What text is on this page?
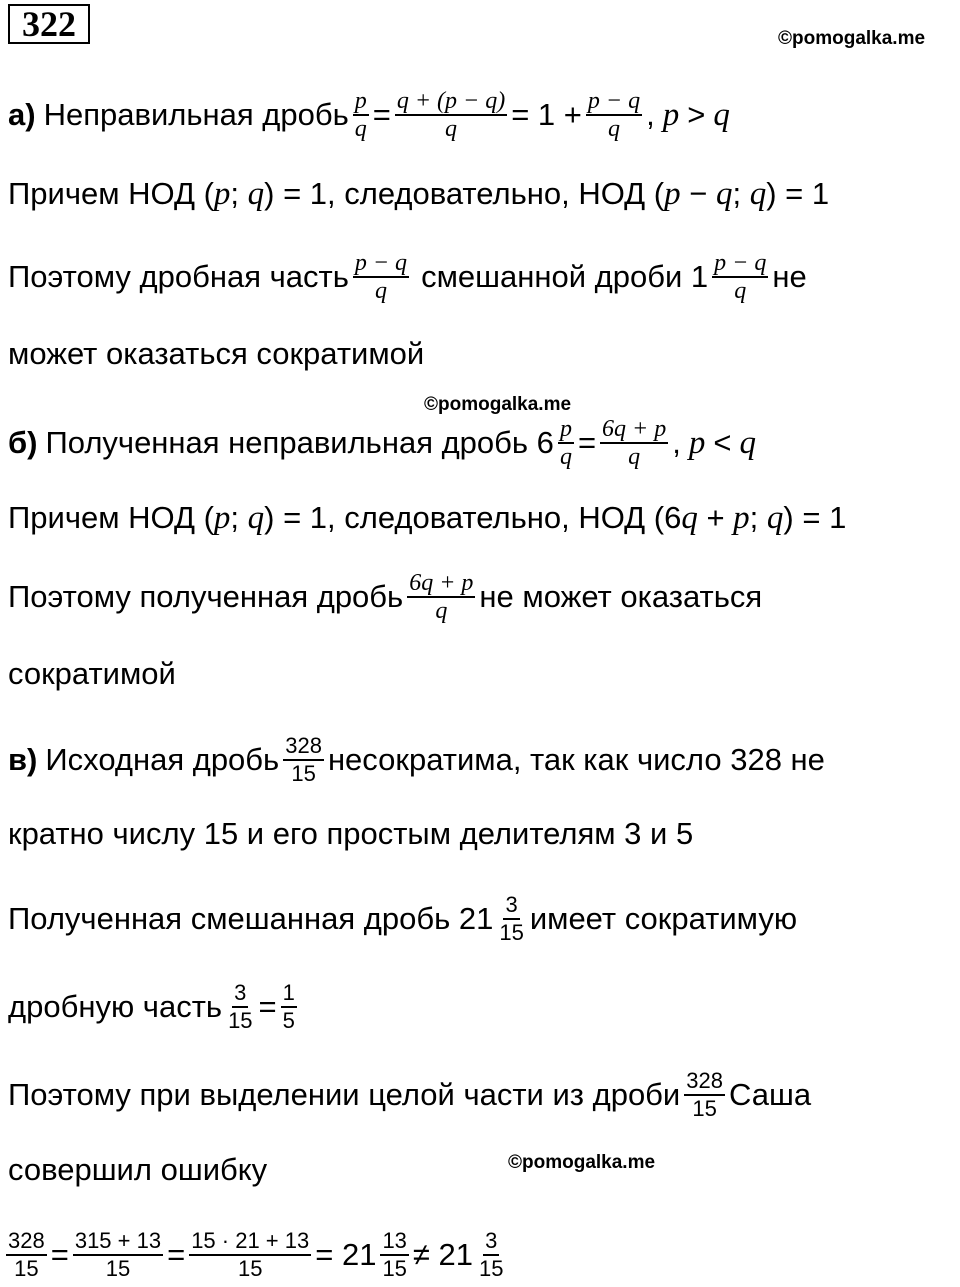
322	©pomogalka.me
а) Неправильная дробь $\frac{p}{q} = \frac{q + (p - q)}{q} = 1 + \frac{p - q}{q}$ , p > q
Причем НОД ( p ;
q ) = 1, следовательно, НОД ( p
−
q ;
q ) = 1
Поэтому дробная часть $\frac{p - q}{q}$ смешанной дроби $1 \frac{p - q}{q}$ не
может оказаться сократимой
©pomogalka.me
б) Полученная неправильная дробь $6 \frac{p}{q} = \frac{6q + p}{q}$ , p < q
Причем НОД ( p ;
q ) = 1, следовательно, НОД (6 q
+
p ;
q ) = 1
Поэтому полученная дробь $\frac{6q + p}{q}$ не может оказаться
сократимой
в) Исходная дробь $\frac{328}{15}$ несократима, так как число 328 не
кратно числу 15 и его простым делителям 3 и 5
Полученная смешанная дробь $21 \frac{3}{15}$ имеет сократимую
дробную часть $\frac{3}{15} = \frac{1}{5}$
Поэтому при выделении целой части из дроби $\frac{328}{15}$ Саша
совершил ошибку	©pomogalka.me
$\frac{328}{15} = \frac{315 + 13}{15} = \frac{15 \cdot 21 + 13}{15} = 21 \frac{13}{15} \ne 21 \frac{3}{15}$
